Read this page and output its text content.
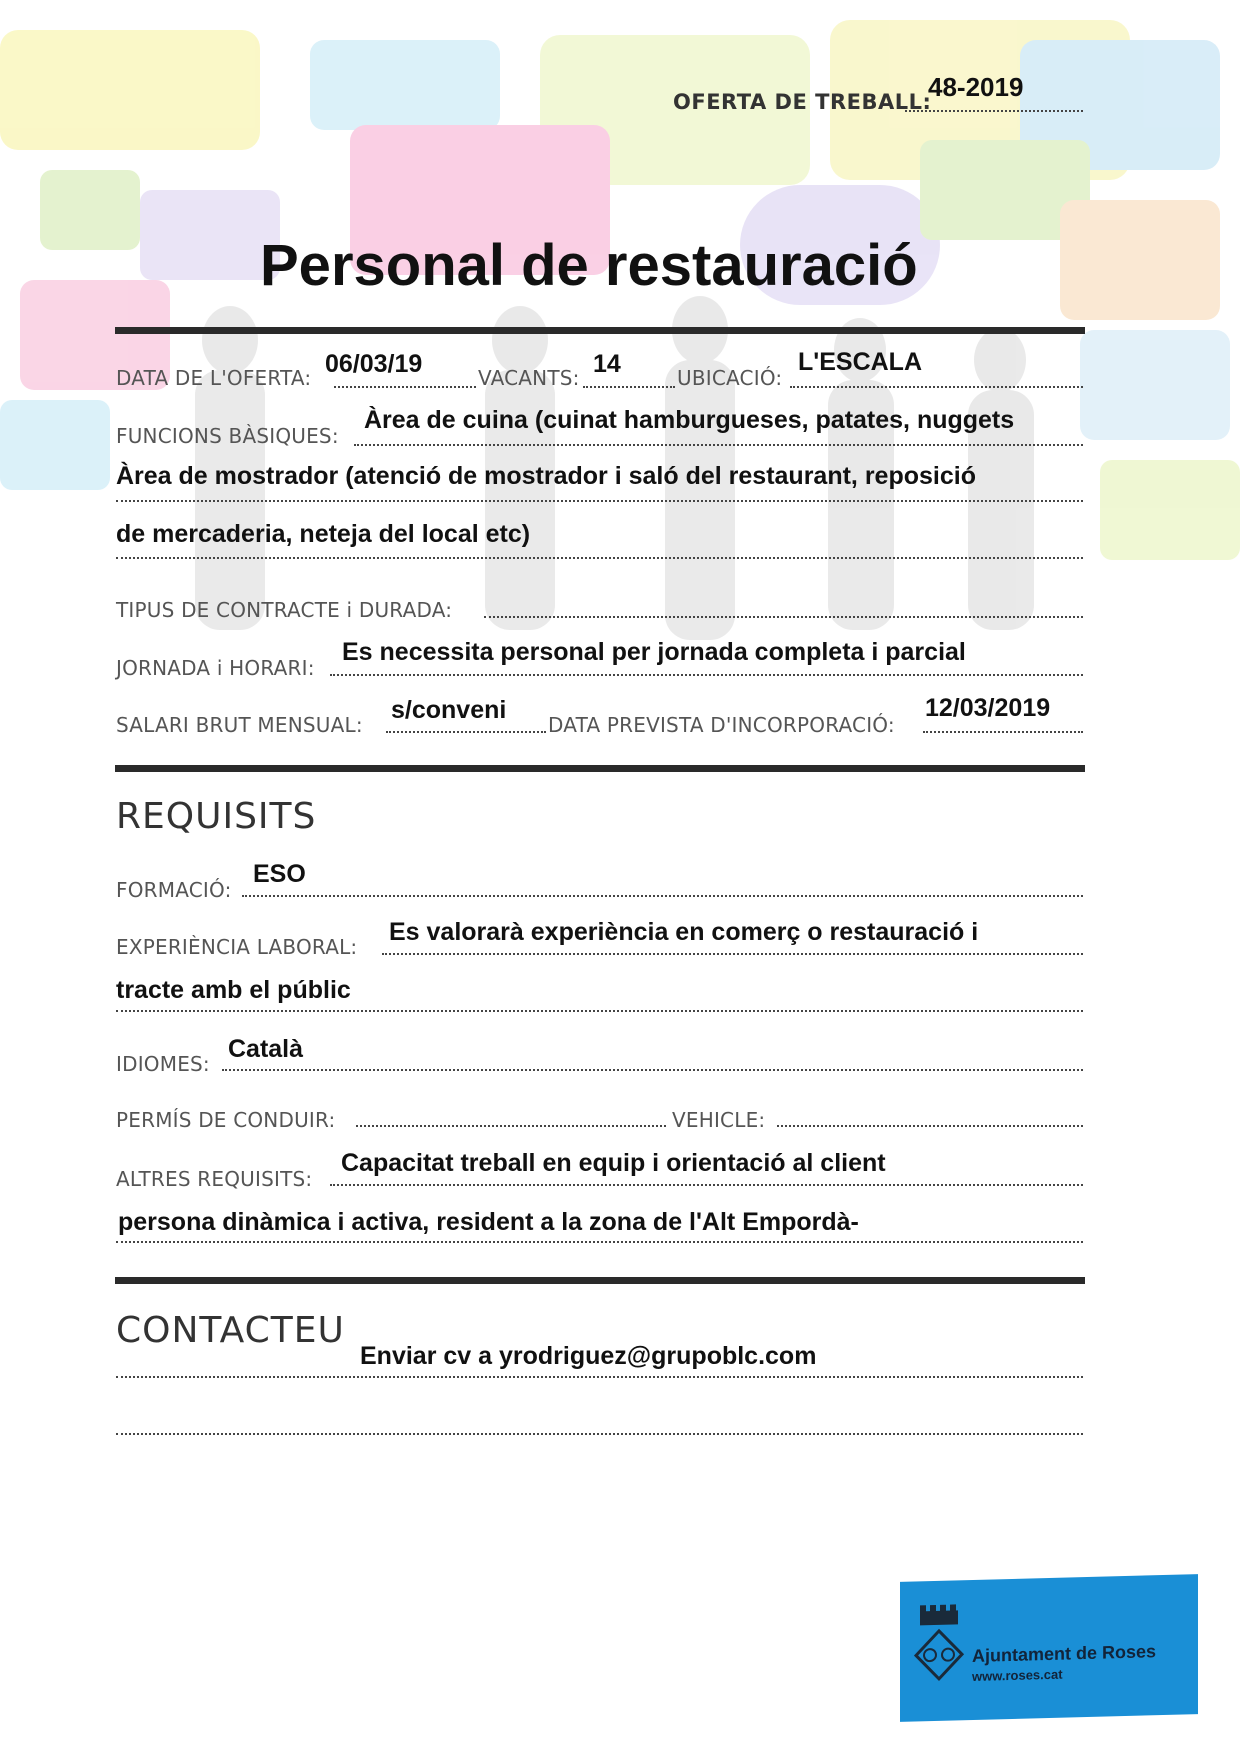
OFERTA DE TREBALL:
48-2019
Personal de restauració
DATA DE L'OFERTA: 06/03/19	VACANTS: 14	UBICACIÓ:
L'ESCALA
FUNCIONS BÀSIQUES:
Àrea de cuina (cuinat hamburgueses, patates, nuggets
Àrea de mostrador (atenció de mostrador i saló del restaurant, reposició
de mercaderia, neteja del local etc)
TIPUS DE CONTRACTE i DURADA:
JORNADA i HORARI:
Es necessita personal per jornada completa i parcial
SALARI BRUT MENSUAL:
s/conveni
DATA PREVISTA D'INCORPORACIÓ:
12/03/2019
REQUISITS
FORMACIÓ:
ESO
EXPERIÈNCIA LABORAL:
Es valorarà experiència en comerç o restauració i
tracte amb el públic
IDIOMES:
Català
PERMÍS DE CONDUIR:	VEHICLE:
ALTRES REQUISITS:
Capacitat treball en equip i orientació al client
persona dinàmica i activa, resident a la zona de l'Alt Empordà-
CONTACTEU
Enviar cv a yrodriguez@grupoblc.com
Ajuntament de Roses
www.roses.cat
